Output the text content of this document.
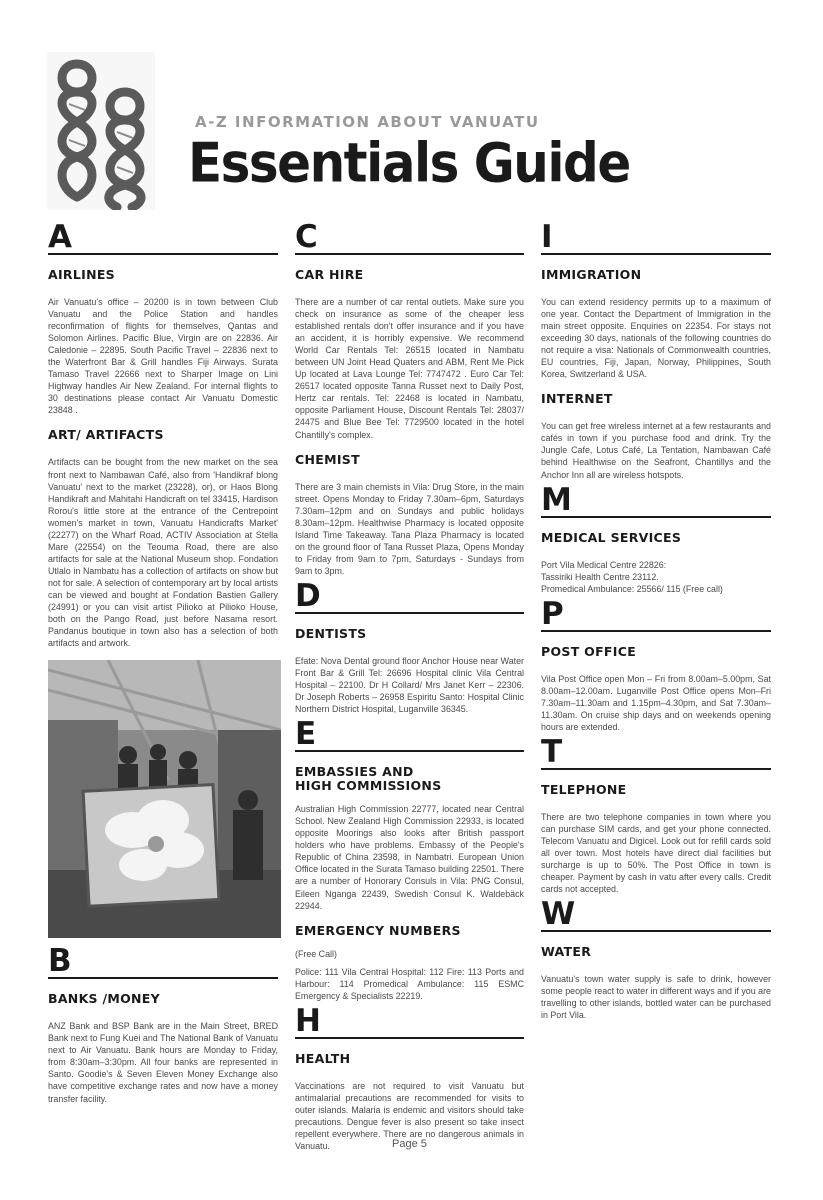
A-Z INFORMATION ABOUT VANUATU
Essentials Guide
A
AIRLINES

Air Vanuatu's office – 20200 is in town between Club Vanuatu and the Police Station and handles reconfirmation of flights for themselves, Qantas and Solomon Airlines. Pacific Blue, Virgin are on 22836. Air Caledonie – 22895. South Pacific Travel – 22836 next to the Waterfront Bar & Grill handles Fiji Airways. Surata Tamaso Travel 22666 next to Sharper Image on Lini Highway handles Air New Zealand. For internal flights to 30 destinations please contact Air Vanuatu Domestic 23848 .

ART/ ARTIFACTS

Artifacts can be bought from the new market on the sea front next to Nambawan Café, also from 'Handikraf blong Vanuatu' next to the market (23228), or), or Haos Blong Handikraft and Mahitahi Handicraft on tel 33415, Hardison Rorou's little store at the entrance of the Centrepoint women's market in town, Vanuatu Handicrafts Market' (22277) on the Wharf Road, ACTIV Association at Stella Mare (22554) on the Teouma Road, there are also artifacts for sale at the National Museum shop. Fondation Utlalo in Nambatu has a collection of artifacts on show but not for sale. A selection of contemporary art by local artists can be viewed and bought at Fondation Bastien Gallery (24991) or you can visit artist Pilioko at Pilioko House, both on the Pango Road, just before Nasama resort. Pandanus boutique in town also has a selection of both artifacts and artwork.

B
BANKS /MONEY

ANZ Bank and BSP Bank are in the Main Street, BRED Bank next to Fung Kuei and The National Bank of Vanuatu next to Air Vanuatu. Bank hours are Monday to Friday, from 8:30am–3:30pm. All four banks are represented in Santo. Goodie's & Seven Eleven Money Exchange also have competitive exchange rates and now have a money transfer facility.

C
CAR HIRE

There are a number of car rental outlets. Make sure you check on insurance as some of the cheaper less established rentals don't offer insurance and if you have an accident, it is horribly expensive. We recommend World Car Rentals Tel: 26515 located in Nambatu between UN Joint Head Quaters and ABM, Rent Me Pick Up located at Lava Lounge Tel: 7747472 . Euro Car Tel: 26517 located opposite Tanna Russet next to Daily Post, Hertz car rentals. Tel: 22468 is located in Nambatu, opposite Parliament House, Discount Rentals Tel: 28037/ 24475 and Blue Bee Tel: 7729500 located in the hotel Chantilly's complex.

CHEMIST

There are 3 main chemists in Vila: Drug Store, in the main street. Opens Monday to Friday 7.30am–6pm, Saturdays 7.30am–12pm and on Sundays and public holidays 8.30am–12pm. Healthwise Pharmacy is located opposite Island Time Takeaway. Tana Plaza Pharmacy is located on the ground floor of Tana Russet Plaza, Opens Monday to Friday from 9am to 7pm, Saturdays - Sundays from 9am to 3pm.

D
DENTISTS

Efate: Nova Dental ground floor Anchor House near Water Front Bar & Grill Tel: 26696 Hospital clinic Vila Central Hospital – 22100. Dr H Collard/ Mrs Janet Kerr – 22306. Dr Joseph Roberts – 26958 Espiritu Santo: Hospital Clinic Northern District Hospital, Luganville 36345.

E
EMBASSIES AND
HIGH COMMISSIONS

Australian High Commission 22777, located near Central School. New Zealand High Commission 22933, is located opposite Moorings also looks after British passport holders who have problems. Embassy of the People's Republic of China 23598, in Nambatri. European Union Office located in the Surata Tamaso building 22501. There are a number of Honorary Consuls in Vila: PNG Consul, Eileen Nganga 22439, Swedish Consul K. Waldebäck 22944.

EMERGENCY NUMBERS

(Free Call)

Police: 111 Vila Central Hospital: 112 Fire: 113 Ports and Harbour: 114 Promedical Ambulance: 115 ESMC Emergency & Specialists 22219.

H
HEALTH

Vaccinations are not required to visit Vanuatu but antimalarial precautions are recommended for visits to outer islands. Malaria is endemic and visitors should take precautions. Dengue fever is also present so take insect repellent everywhere. There are no dangerous animals in Vanuatu.

I
IMMIGRATION

You can extend residency permits up to a maximum of one year. Contact the Department of Immigration in the main street opposite. Enquiries on 22354. For stays not exceeding 30 days, nationals of the following countries do not require a visa: Nationals of Commonwealth countries, EU countries, Fiji, Japan, Norway, Philippines, South Korea, Switzerland & USA.

INTERNET

You can get free wireless internet at a few restaurants and cafés in town if you purchase food and drink. Try the Jungle Cafe, Lotus Café, La Tentation, Nambawan Café behind Healthwise on the Seafront, Chantillys and the Anchor Inn all are wireless hotspots.

M
MEDICAL SERVICES

Port Vila Medical Centre 22826:

Tassiriki Health Centre 23112.

Promedical Ambulance: 25566/ 115 (Free call)

P
POST OFFICE

Vila Post Office open Mon – Fri from 8.00am–5.00pm, Sat 8.00am–12.00am. Luganville Post Office opens Mon–Fri 7.30am–11.30am and 1.15pm–4.30pm, and Sat 7.30am–11.30am. On cruise ship days and on weekends opening hours are extended.

T
TELEPHONE

There are two telephone companies in town where you can purchase SIM cards, and get your phone connected. Telecom Vanuatu and Digicel. Look out for refill cards sold all over town. Most hotels have direct dial facilities but surcharge is up to 50%. The Post Office in town is cheaper. Payment by cash in vatu after every calls. Credit cards not accepted.

W
WATER

Vanuatu's town water supply is safe to drink, however some people react to water in different ways and if you are travelling to other islands, bottled water can be purchased in Port Vila.

Page 5
